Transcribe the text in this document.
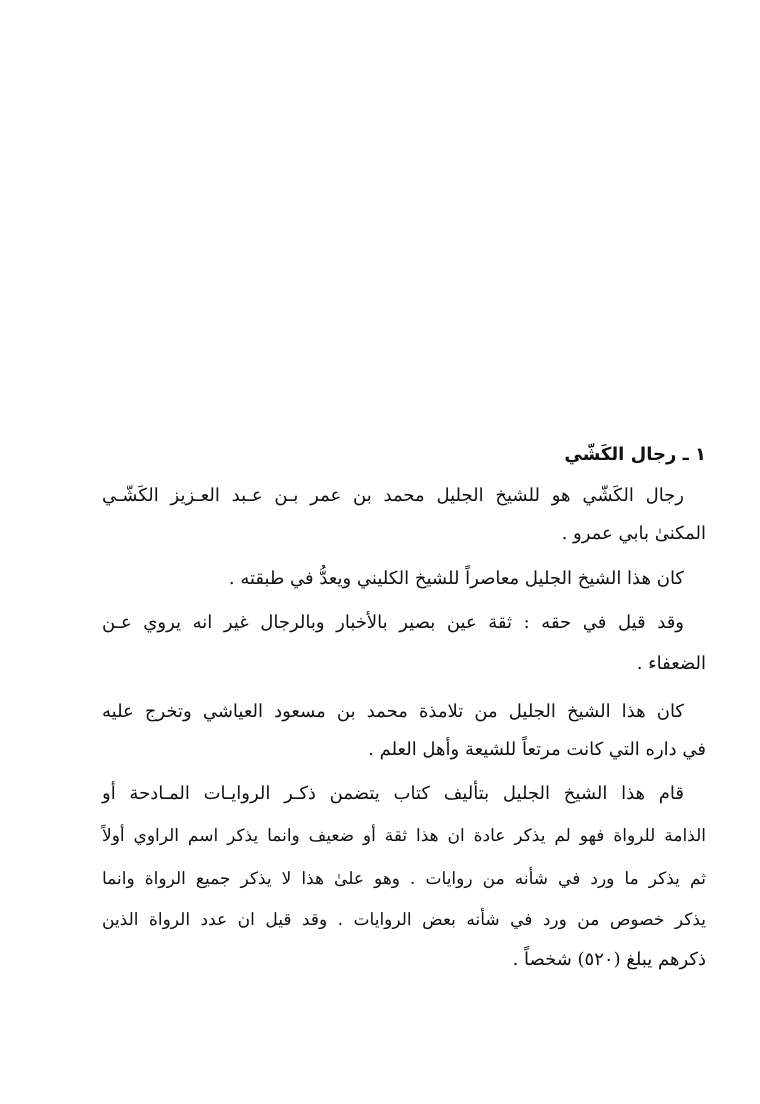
١ ـ رجال الكَشّي
رجال الكَشّي هو للشيخ الجليل محمد بن عمر بـن عـبد العـزيز الكَشّـي
المكنىٰ بابي عمرو .
كان هذا الشيخ الجليل معاصراً للشيخ الكليني ويعدُّ في طبقته .
وقد قيل في حقه : ثقة عين بصير بالأخبار وبالرجال غير انه يروي عـن
الضعفاء .
كان هذا الشيخ الجليل من تلامذة محمد بن مسعود العياشي وتخرج عليه
في داره التي كانت مرتعاً للشيعة وأهل العلم .
قام هذا الشيخ الجليل بتأليف كتاب يتضمن ذكـر الروايـات المـادحة أو
الذامة للرواة فهو لم يذكر عادة ان هذا ثقة أو ضعيف وانما يذكر اسم الراوي أولاً
ثم يذكر ما ورد في شأنه من روايات . وهو علىٰ هذا لا يذكر جميع الرواة وانما
يذكر خصوص من ورد في شأنه بعض الروايات . وقد قيل ان عدد الرواة الذين
ذكرهم يبلغ (٥٢٠) شخصاً .
